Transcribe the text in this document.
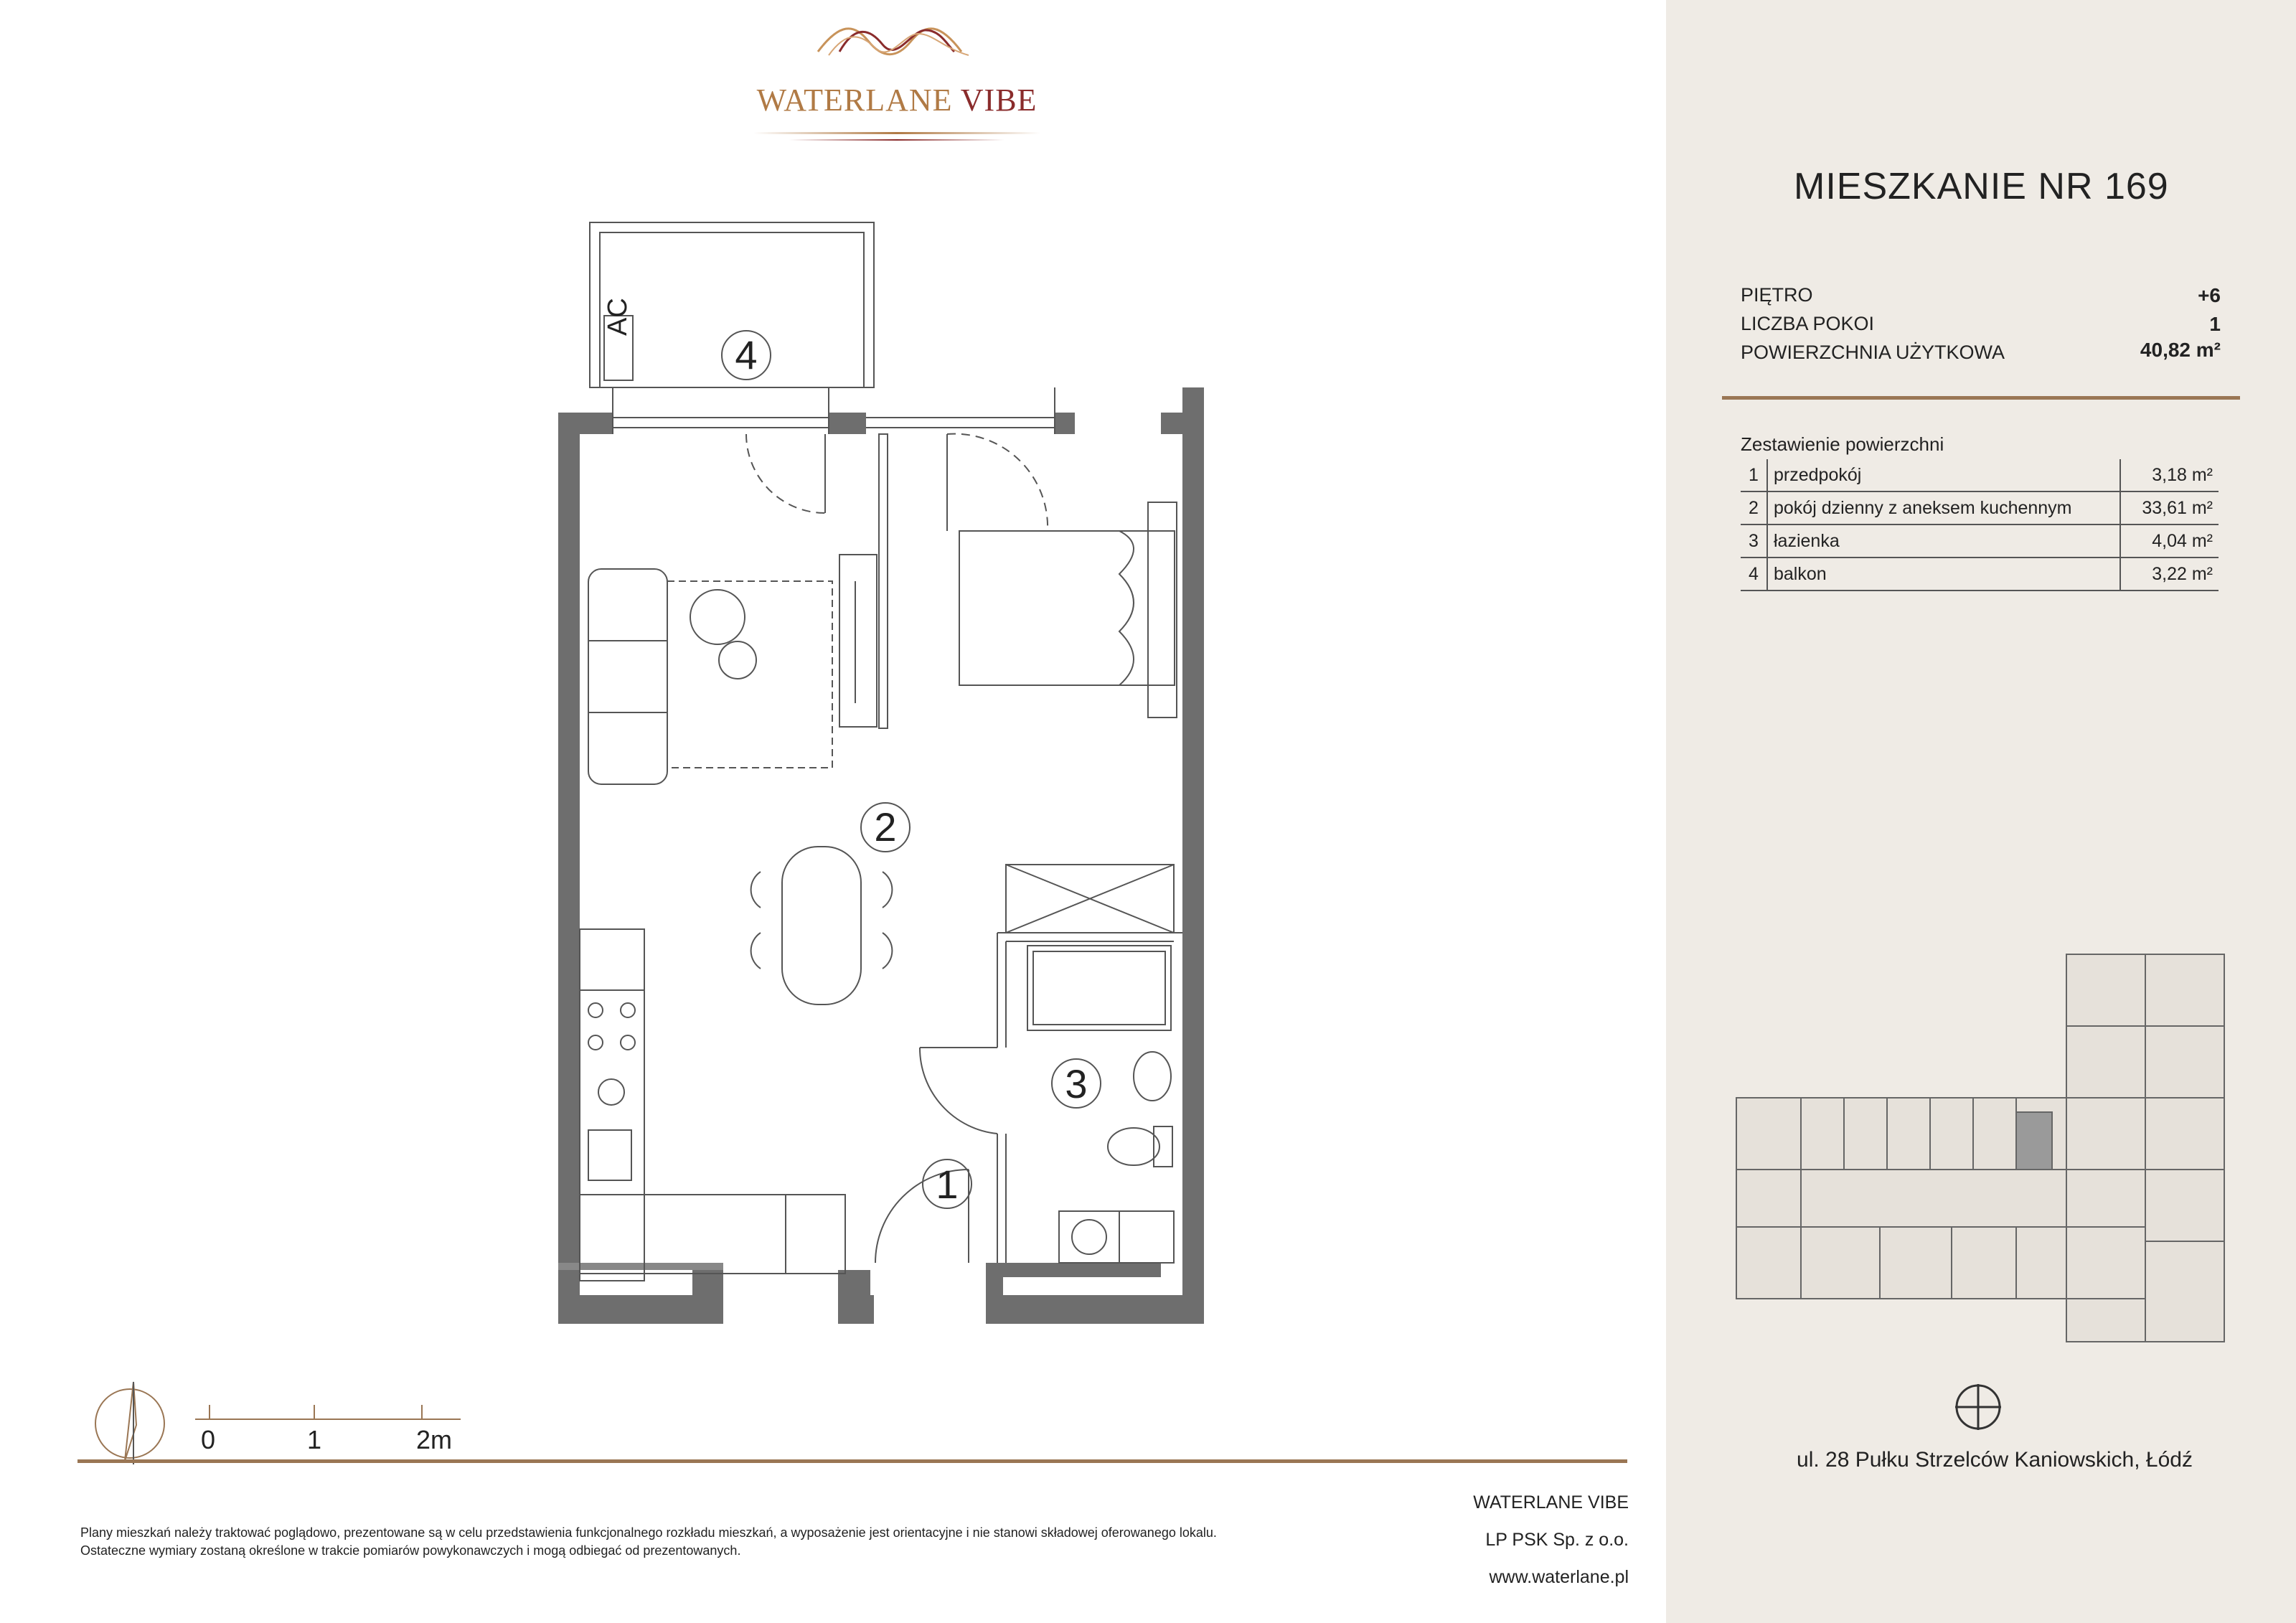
WATERLANE VIBE
4
2
3
1
AC
0	1	2m
Plany mieszkań należy traktować poglądowo, prezentowane są w celu przedstawienia funkcjonalnego rozkładu mieszkań, a wyposażenie jest orientacyjne i nie stanowi składowej oferowanego lokalu.
Ostateczne wymiary zostaną określone w trakcie pomiarów powykonawczych i mogą odbiegać od prezentowanych.
WATERLANE VIBE
LP PSK Sp. z o.o.
www.waterlane.pl
MIESZKANIE NR 169
PIĘTRO	+6
LICZBA POKOI	1
POWIERZCHNIA UŻYTKOWA	40,82 m²
Zestawienie powierzchni
1	przedpokój	3,18 m²
2	pokój dzienny z aneksem kuchennym	33,61 m²
3	łazienka	4,04 m²
4	balkon	3,22 m²
ul. 28 Pułku Strzelców Kaniowskich, Łódź
